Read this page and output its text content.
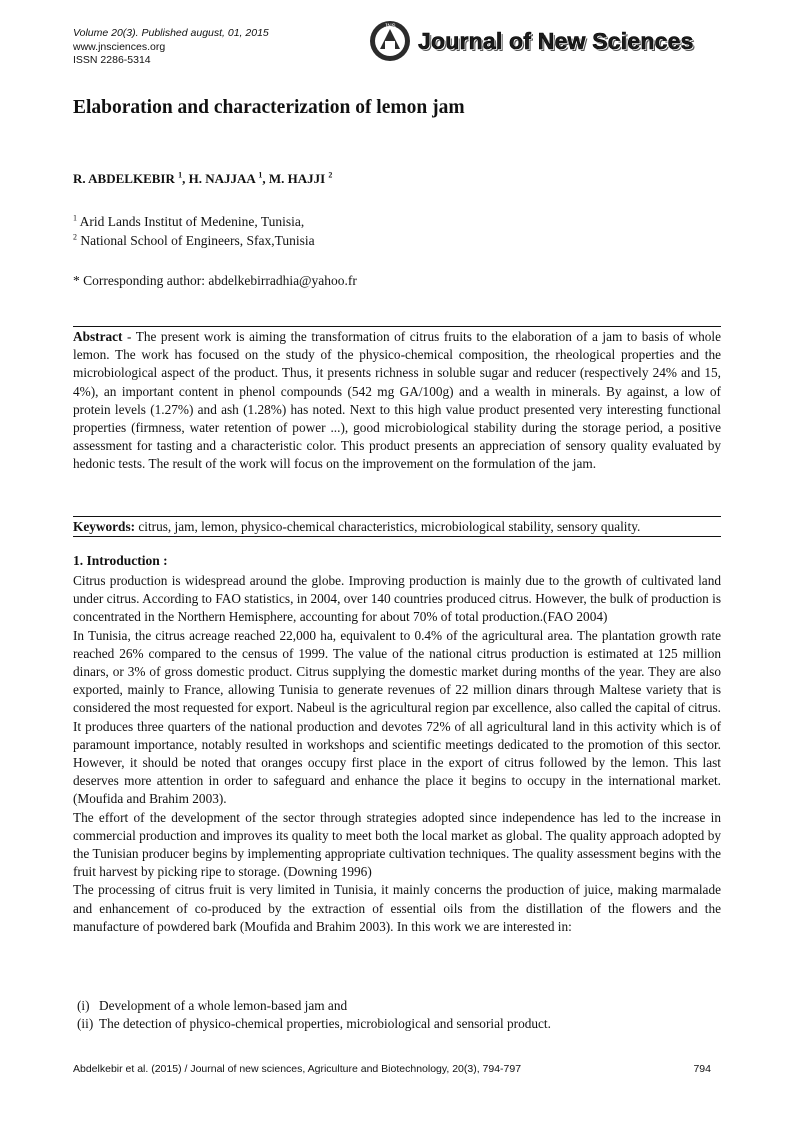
Volume 20(3). Published august, 01, 2015
www.jnsciences.org
ISSN 2286-5314
JNS
Journal of New Sciences
Elaboration and characterization of lemon jam
R. ABDELKEBIR $^1$, H. NAJJAA $^1$, M. HAJJI $^2$
$^1$ Arid Lands Institut of Medenine, Tunisia,
$^2$ National School of Engineers, Sfax,Tunisia
* Corresponding author: abdelkebirradhia@yahoo.fr

Abstract - The present work is aiming the transformation of citrus fruits to the elaboration of a jam to basis of whole lemon. The work has focused on the study of the physico-chemical composition, the rheological properties and the microbiological aspect of the product. Thus, it presents richness in soluble sugar and reducer (respectively 24% and 15, 4%), an important content in phenol compounds (542 mg GA/100g) and a wealth in minerals. By against, a low of protein levels (1.27%) and ash (1.28%) has noted. Next to this high value product presented very interesting functional properties (firmness, water retention of power ...), good microbiological stability during the storage period, a positive assessment for tasting and a characteristic color. This product presents an appreciation of sensory quality evaluated by hedonic tests. The result of the work will focus on the improvement on the formulation of the jam.

Keywords: citrus, jam, lemon, physico-chemical characteristics, microbiological stability, sensory quality.

1. Introduction :

Citrus production is widespread around the globe. Improving production is mainly due to the growth of cultivated land under citrus. According to FAO statistics, in 2004, over 140 countries produced citrus. However, the bulk of production is concentrated in the Northern Hemisphere, accounting for about 70% of total production.(FAO 2004)

In Tunisia, the citrus acreage reached 22,000 ha, equivalent to 0.4% of the agricultural area. The plantation growth rate reached 26% compared to the census of 1999. The value of the national citrus production is estimated at 125 million dinars, or 3% of gross domestic product. Citrus supplying the domestic market during months of the year. They are also exported, mainly to France, allowing Tunisia to generate revenues of 22 million dinars through Maltese variety that is considered the most requested for export. Nabeul is the agricultural region par excellence, also called the capital of citrus. It produces three quarters of the national production and devotes 72% of all agricultural land in this activity which is of paramount importance, notably resulted in workshops and scientific meetings dedicated to the promotion of this sector. However, it should be noted that oranges occupy first place in the export of citrus followed by the lemon. This last deserves more attention in order to safeguard and enhance the place it begins to occupy in the international market. (Moufida and Brahim 2003).

The effort of the development of the sector through strategies adopted since independence has led to the increase in commercial production and improves its quality to meet both the local market as global. The quality approach adopted by the Tunisian producer begins by implementing appropriate cultivation techniques. The quality assessment begins with the fruit harvest by picking ripe to storage. (Downing 1996)

The processing of citrus fruit is very limited in Tunisia, it mainly concerns the production of juice, making marmalade and enhancement of co-produced by the extraction of essential oils from the distillation of the flowers and the manufacture of powdered bark (Moufida and Brahim 2003). In this work we are interested in:

(i) Development of a whole lemon-based jam and
(ii) The detection of physico-chemical properties, microbiological and sensorial product.
Abdelkebir et al. (2015) / Journal of new sciences, Agriculture and Biotechnology, 20(3), 794-797	794
